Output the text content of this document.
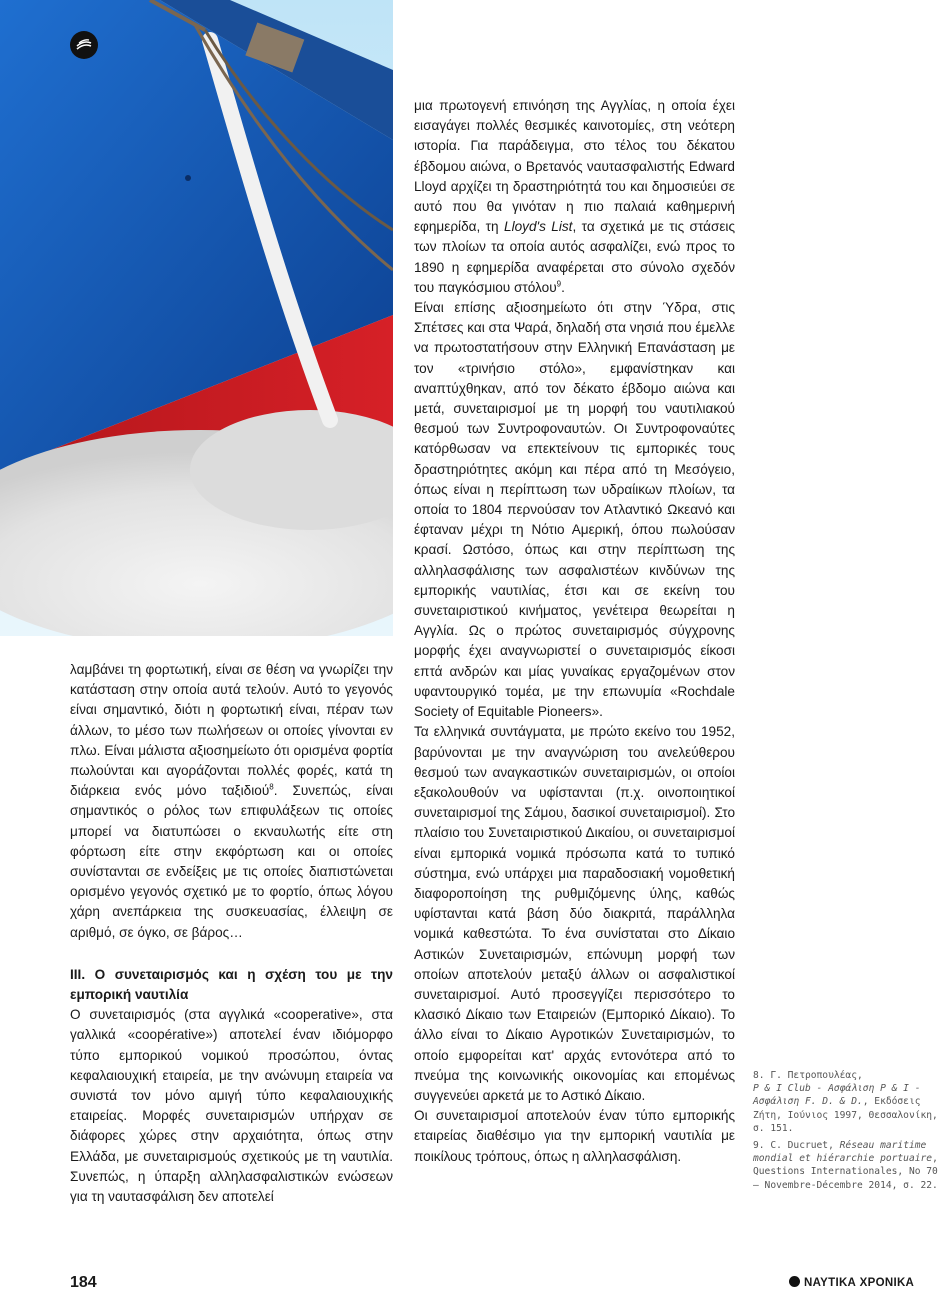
λαμβάνει τη φορτωτική, είναι σε θέση να γνωρίζει την κατάσταση στην οποία αυτά τελούν. Αυτό το γεγονός είναι σημαντικό, διότι η φορτωτική είναι, πέραν των άλλων, το μέσο των πωλήσεων οι οποίες γίνονται εν πλω. Είναι μάλιστα αξιοσημείωτο ότι ορισμένα φορτία πωλούνται και αγοράζονται πολλές φορές, κατά τη διάρκεια ενός μόνο ταξιδιού$^8$. Συνεπώς, είναι σημαντικός ο ρόλος των επιφυλάξεων τις οποίες μπορεί να διατυπώσει ο εκναυλωτής είτε στη φόρτωση είτε στην εκφόρτωση και οι οποίες συνίστανται σε ενδείξεις με τις οποίες διαπιστώνεται ορισμένο γεγονός σχετικό με το φορτίο, όπως λόγου χάρη ανεπάρκεια της συσκευασίας, έλλειψη σε αριθμό, σε όγκο, σε βάρος…

III. Ο συνεταιρισμός και η σχέση του με την εμπορική ναυτιλία

Ο συνεταιρισμός (στα αγγλικά «cooperative», στα γαλλικά «coopérative») αποτελεί έναν ιδιόμορφο τύπο εμπορικού νομικού προσώπου, όντας κεφαλαιουχική εταιρεία, με την ανώνυμη εταιρεία να συνιστά τον μόνο αμιγή τύπο κεφαλαιουχικής εταιρείας. Μορφές συνεταιρισμών υπήρχαν σε διάφορες χώρες στην αρχαιότητα, όπως στην Ελλάδα, με συνεταιρισμούς σχετικούς με τη ναυτιλία. Συνεπώς, η ύπαρξη αλληλασφαλιστικών ενώσεων για τη ναυτασφάλιση δεν αποτελεί

μια πρωτογενή επινόηση της Αγγλίας, η οποία έχει εισαγάγει πολλές θεσμικές καινοτομίες, στη νεότερη ιστορία. Για παράδειγμα, στο τέλος του δέκατου έβδομου αιώνα, ο Βρετανός ναυτασφαλιστής Edward Lloyd αρχίζει τη δραστηριότητά του και δημοσιεύει σε αυτό που θα γινόταν η πιο παλαιά καθημερινή εφημερίδα, τη Lloyd's List, τα σχετικά με τις στάσεις των πλοίων τα οποία αυτός ασφαλίζει, ενώ προς το 1890 η εφημερίδα αναφέρεται στο σύνολο σχεδόν του παγκόσμιου στόλου$^9$.

Είναι επίσης αξιοσημείωτο ότι στην Ύδρα, στις Σπέτσες και στα Ψαρά, δηλαδή στα νησιά που έμελλε να πρωτοστατήσουν στην Ελληνική Επανάσταση με τον «τρινήσιο στόλο», εμφανίστηκαν και αναπτύχθηκαν, από τον δέκατο έβδομο αιώνα και μετά, συνεταιρισμοί με τη μορφή του ναυτιλιακού θεσμού των Συντροφοναυτών. Οι Συντροφοναύτες κατόρθωσαν να επεκτείνουν τις εμπορικές τους δραστηριότητες ακόμη και πέρα από τη Μεσόγειο, όπως είναι η περίπτωση των υδραίικων πλοίων, τα οποία το 1804 περνούσαν τον Ατλαντικό Ωκεανό και έφταναν μέχρι τη Νότιο Αμερική, όπου πωλούσαν κρασί. Ωστόσο, όπως και στην περίπτωση της αλληλασφάλισης των ασφαλιστέων κινδύνων της εμπορικής ναυτιλίας, έτσι και σε εκείνη του συνεταιριστικού κινήματος, γενέτειρα θεωρείται η Αγγλία. Ως ο πρώτος συνεταιρισμός σύγχρονης μορφής έχει αναγνωριστεί ο συνεταιρισμός είκοσι επτά ανδρών και μίας γυναίκας εργαζομένων στον υφαντουργικό τομέα, με την επωνυμία «Rochdale Society of Equitable Pioneers».

Τα ελληνικά συντάγματα, με πρώτο εκείνο του 1952, βαρύνονται με την αναγνώριση του ανελεύθερου θεσμού των αναγκαστικών συνεταιρισμών, οι οποίοι εξακολουθούν να υφίστανται (π.χ. οινοποιητικοί συνεταιρισμοί της Σάμου, δασικοί συνεταιρισμοί). Στο πλαίσιο του Συνεταιριστικού Δικαίου, οι συνεταιρισμοί είναι εμπορικά νομικά πρόσωπα κατά το τυπικό σύστημα, ενώ υπάρχει μια παραδοσιακή νομοθετική διαφοροποίηση της ρυθμιζόμενης ύλης, καθώς υφίστανται κατά βάση δύο διακριτά, παράλληλα νομικά καθεστώτα. Το ένα συνίσταται στο Δίκαιο Αστικών Συνεταιρισμών, επώνυμη μορφή των οποίων αποτελούν μεταξύ άλλων οι ασφαλιστικοί συνεταιρισμοί. Αυτό προσεγγίζει περισσότερο το κλασικό Δίκαιο των Εταιρειών (Εμπορικό Δίκαιο). Το άλλο είναι το Δίκαιο Αγροτικών Συνεταιρισμών, το οποίο εμφορείται κατ' αρχάς εντονότερα από το πνεύμα της κοινωνικής οικονομίας και επομένως συγγενεύει αρκετά με το Αστικό Δίκαιο.

Οι συνεταιρισμοί αποτελούν έναν τύπο εμπορικής εταιρείας διαθέσιμο για την εμπορική ναυτιλία με ποικίλους τρόπους, όπως η αλληλασφάλιση.

8. Γ. Πετροπουλέας,
P & I Club - Ασφάλιση P & I - Ασφάλιση F. D. & D., Εκδόσεις Ζήτη, Ιούνιος 1997, Θεσσαλονίκη, σ. 151.

9. C. Ducruet, Réseau maritime mondial et hiérarchie portuaire, Questions Internationales, No 70 – Novembre-Décembre 2014, σ. 22.

184	ΝΑΥΤΙΚΑ ΧΡΟΝΙΚΑ
